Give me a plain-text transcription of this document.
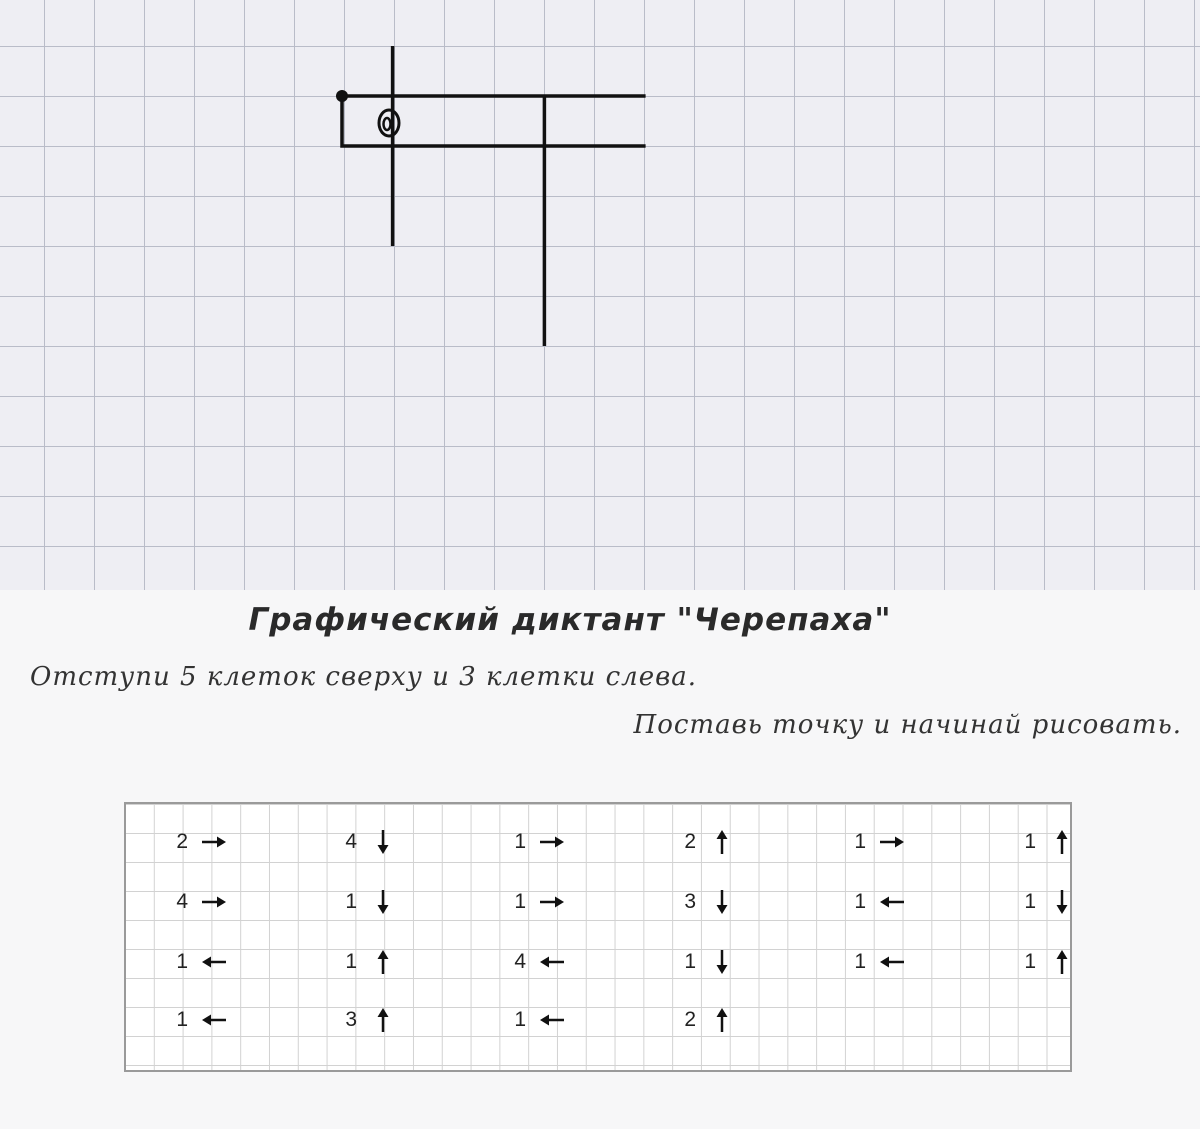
Графический диктант "Черепаха"
Отступи 5 клеток сверху и 3 клетки слева.
Поставь точку и начинай рисовать.
2
4
1
1
4
1
1
3
1
1
4
1
2
3
1
2
1
1
1
1
1
1
